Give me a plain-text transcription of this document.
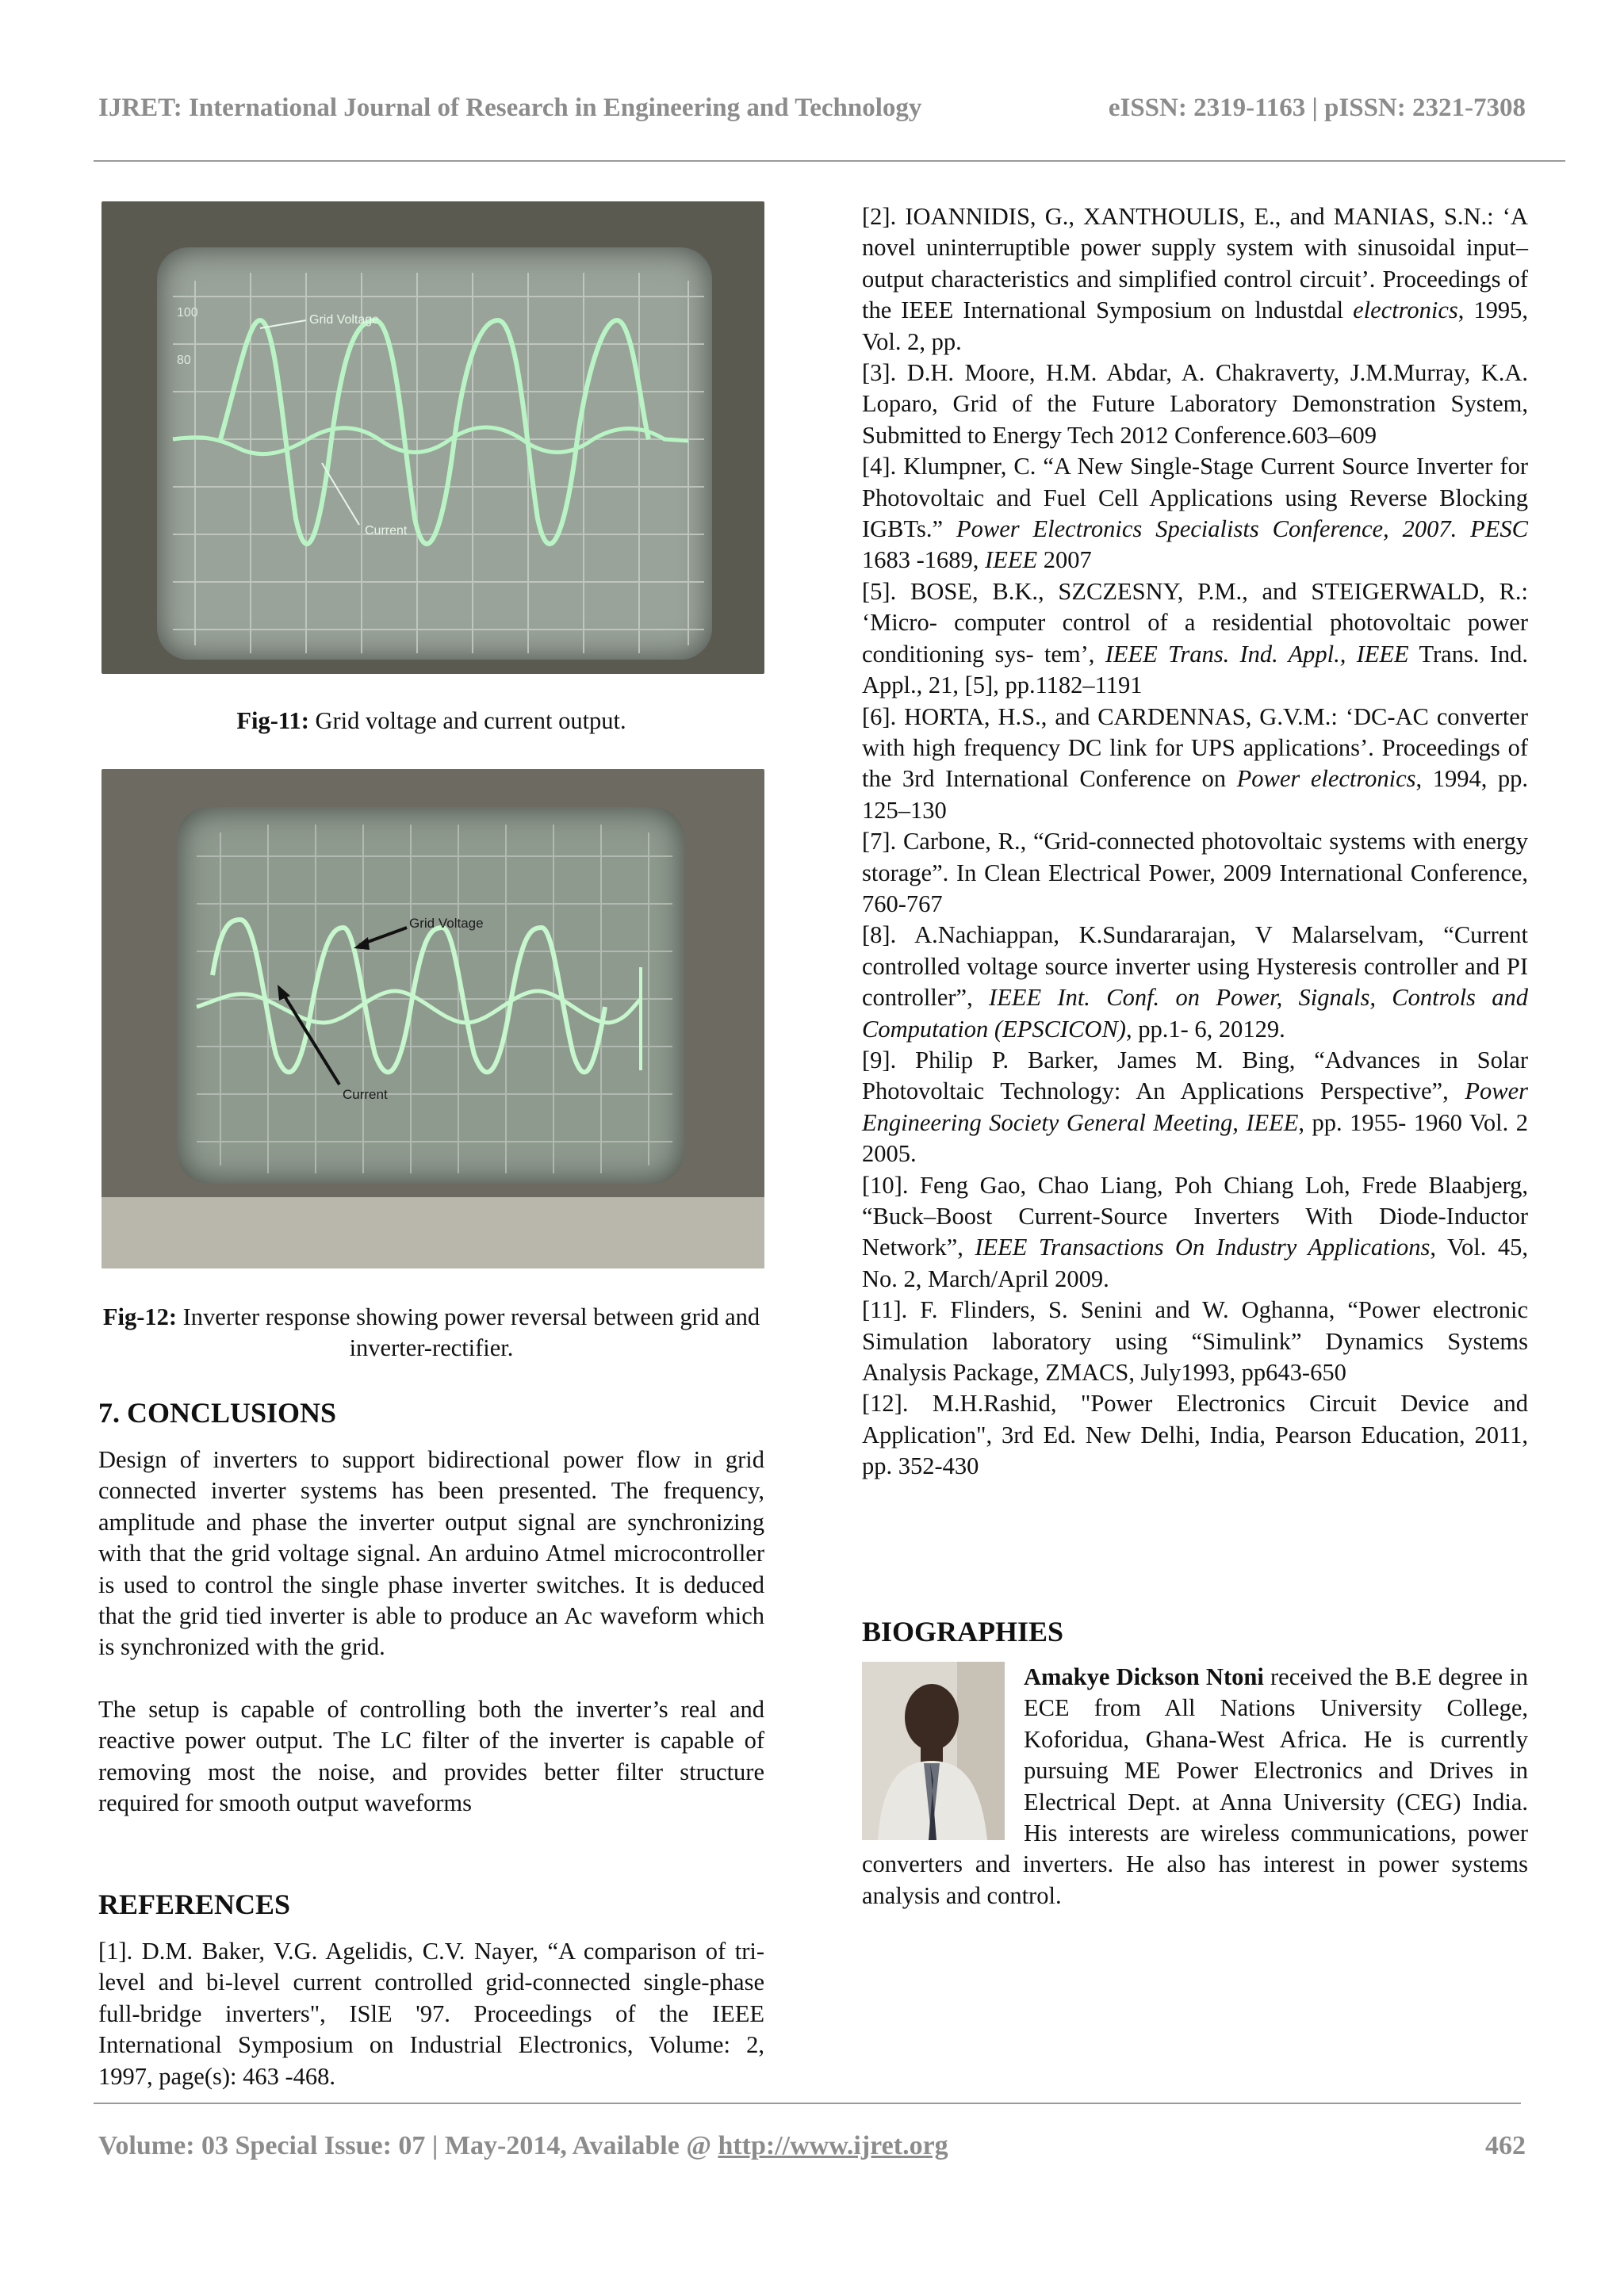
IJRET: International Journal of Research in Engineering and Technology	eISSN: 2319-1163 | pISSN: 2321-7308
100
80
Grid Voltage
Current
Fig-11: Grid voltage and current output.
Grid Voltage
Current
Fig-12: Inverter response showing power reversal between grid and inverter-rectifier.
7. CONCLUSIONS

Design of inverters to support bidirectional power flow in grid connected inverter systems has been presented. The frequency, amplitude and phase the inverter output signal are synchronizing with that the grid voltage signal. An arduino Atmel microcontroller is used to control the single phase inverter switches. It is deduced that the grid tied inverter is able to produce an Ac waveform which is synchronized with the grid.

The setup is capable of controlling both the inverter’s real and reactive power output. The LC filter of the inverter is capable of removing most the noise, and provides better filter structure required for smooth output waveforms

REFERENCES

[1]. D.M. Baker, V.G. Agelidis, C.V. Nayer, “A comparison of tri-level and bi-level current controlled grid-connected single-phase full-bridge inverters", ISlE '97. Proceedings of the IEEE International Symposium on Industrial Electronics, Volume: 2, 1997, page(s): 463 -468.

[2]. IOANNIDIS, G., XANTHOULIS, E., and MANIAS, S.N.: ‘A novel uninterruptible power supply system with sinusoidal input–output characteristics and simplified control circuit’. Proceedings of the IEEE International Symposium on lndustdal electronics, 1995, Vol. 2, pp.

[3]. D.H. Moore, H.M. Abdar, A. Chakraverty, J.M.Murray, K.A. Loparo, Grid of the Future Laboratory Demonstration System, Submitted to Energy Tech 2012 Conference.603–609

[4]. Klumpner, C. “A New Single-Stage Current Source Inverter for Photovoltaic and Fuel Cell Applications using Reverse Blocking IGBTs.” Power Electronics Specialists Conference, 2007. PESC 1683 -1689, IEEE 2007

[5]. BOSE, B.K., SZCZESNY, P.M., and STEIGERWALD, R.: ‘Micro- computer control of a residential photovoltaic power conditioning sys- tem’, IEEE Trans. Ind. Appl., IEEE Trans. Ind. Appl., 21, [5], pp.1182–1191

[6]. HORTA, H.S., and CARDENNAS, G.V.M.: ‘DC-AC converter with high frequency DC link for UPS applications’. Proceedings of the 3rd International Conference on Power electronics, 1994, pp. 125–130

[7]. Carbone, R., “Grid-connected photovoltaic systems with energy storage”. In Clean Electrical Power, 2009 International Conference, 760-767

[8]. A.Nachiappan, K.Sundararajan, V Malarselvam, “Current controlled voltage source inverter using Hysteresis controller and PI controller”, IEEE Int. Conf. on Power, Signals, Controls and Computation (EPSCICON), pp.1- 6, 20129.

[9]. Philip P. Barker, James M. Bing, “Advances in Solar Photovoltaic Technology: An Applications Perspective”, Power Engineering Society General Meeting, IEEE, pp. 1955- 1960 Vol. 2 2005.

[10]. Feng Gao, Chao Liang, Poh Chiang Loh, Frede Blaabjerg, “Buck–Boost Current-Source Inverters With Diode-Inductor Network”, IEEE Transactions On Industry Applications, Vol. 45, No. 2, March/April 2009.

[11]. F. Flinders, S. Senini and W. Oghanna, “Power electronic Simulation laboratory using “Simulink” Dynamics Systems Analysis Package, ZMACS, July1993, pp643-650

[12]. M.H.Rashid, "Power Electronics Circuit Device and Application", 3rd Ed. New Delhi, India, Pearson Education, 2011, pp. 352-430

BIOGRAPHIES
Amakye Dickson Ntoni received the B.E degree in ECE from All Nations University College, Koforidua, Ghana-West Africa. He is currently pursuing ME Power Electronics and Drives in Electrical Dept. at Anna University (CEG) India. His interests are wireless communications, power converters and inverters. He also has interest in power systems analysis and control.
Volume: 03 Special Issue: 07 | May-2014, Available @ http://www.ijret.org	462
